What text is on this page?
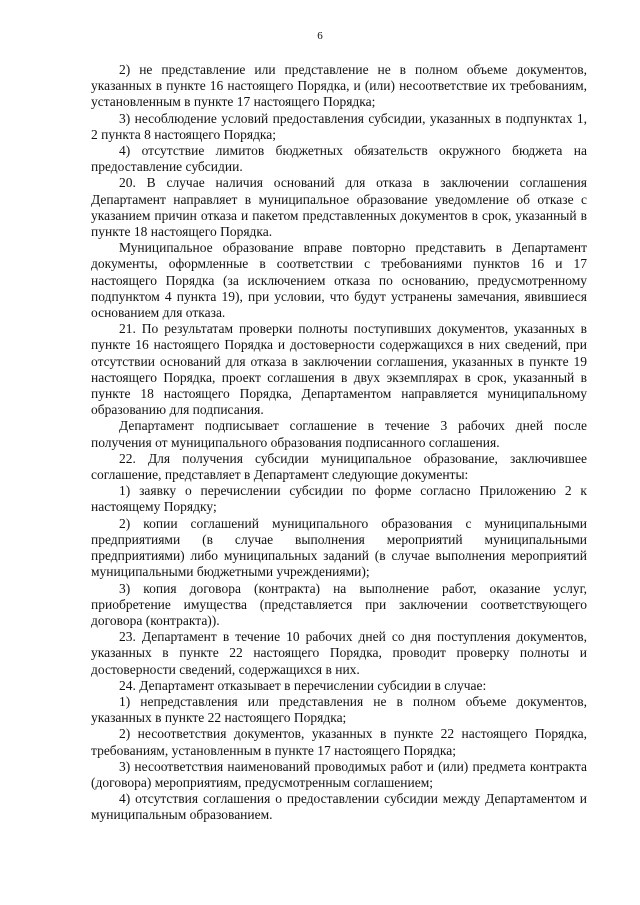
6

2) не представление или представление не в полном объеме документов, указанных в пункте 16 настоящего Порядка, и (или) несоответствие их требованиям, установленным в пункте 17 настоящего Порядка;

3) несоблюдение условий предоставления субсидии, указанных в подпунктах 1, 2 пункта 8 настоящего Порядка;

4) отсутствие лимитов бюджетных обязательств окружного бюджета на предоставление субсидии.

20. В случае наличия оснований для отказа в заключении соглашения Департамент направляет в муниципальное образование уведомление об отказе с указанием причин отказа и пакетом представленных документов в срок, указанный в пункте 18 настоящего Порядка.

Муниципальное образование вправе повторно представить в Департамент документы, оформленные в соответствии с требованиями пунктов 16 и 17 настоящего Порядка (за исключением отказа по основанию, предусмотренному подпунктом 4 пункта 19), при условии, что будут устранены замечания, явившиеся основанием для отказа.

21. По результатам проверки полноты поступивших документов, указанных в пункте 16 настоящего Порядка и достоверности содержащихся в них сведений, при отсутствии оснований для отказа в заключении соглашения, указанных в пункте 19 настоящего Порядка, проект соглашения в двух экземплярах в срок, указанный в пункте 18 настоящего Порядка, Департаментом направляется муниципальному образованию для подписания.

Департамент подписывает соглашение в течение 3 рабочих дней после получения от муниципального образования подписанного соглашения.

22. Для получения субсидии муниципальное образование, заключившее соглашение, представляет в Департамент следующие документы:

1) заявку о перечислении субсидии по форме согласно Приложению 2 к настоящему Порядку;

2) копии соглашений муниципального образования с муниципальными предприятиями (в случае выполнения мероприятий муниципальными предприятиями) либо муниципальных заданий (в случае выполнения мероприятий муниципальными бюджетными учреждениями);

3) копия договора (контракта) на выполнение работ, оказание услуг, приобретение имущества (представляется при заключении соответствующего договора (контракта)).

23. Департамент в течение 10 рабочих дней со дня поступления документов, указанных в пункте 22 настоящего Порядка, проводит проверку полноты и достоверности сведений, содержащихся в них.

24. Департамент отказывает в перечислении субсидии в случае:

1) непредставления или представления не в полном объеме документов, указанных в пункте 22 настоящего Порядка;

2) несоответствия документов, указанных в пункте 22 настоящего Порядка, требованиям, установленным в пункте 17 настоящего Порядка;

3) несоответствия наименований проводимых работ и (или) предмета контракта (договора) мероприятиям, предусмотренным соглашением;

4) отсутствия соглашения о предоставлении субсидии между Департаментом и муниципальным образованием.
